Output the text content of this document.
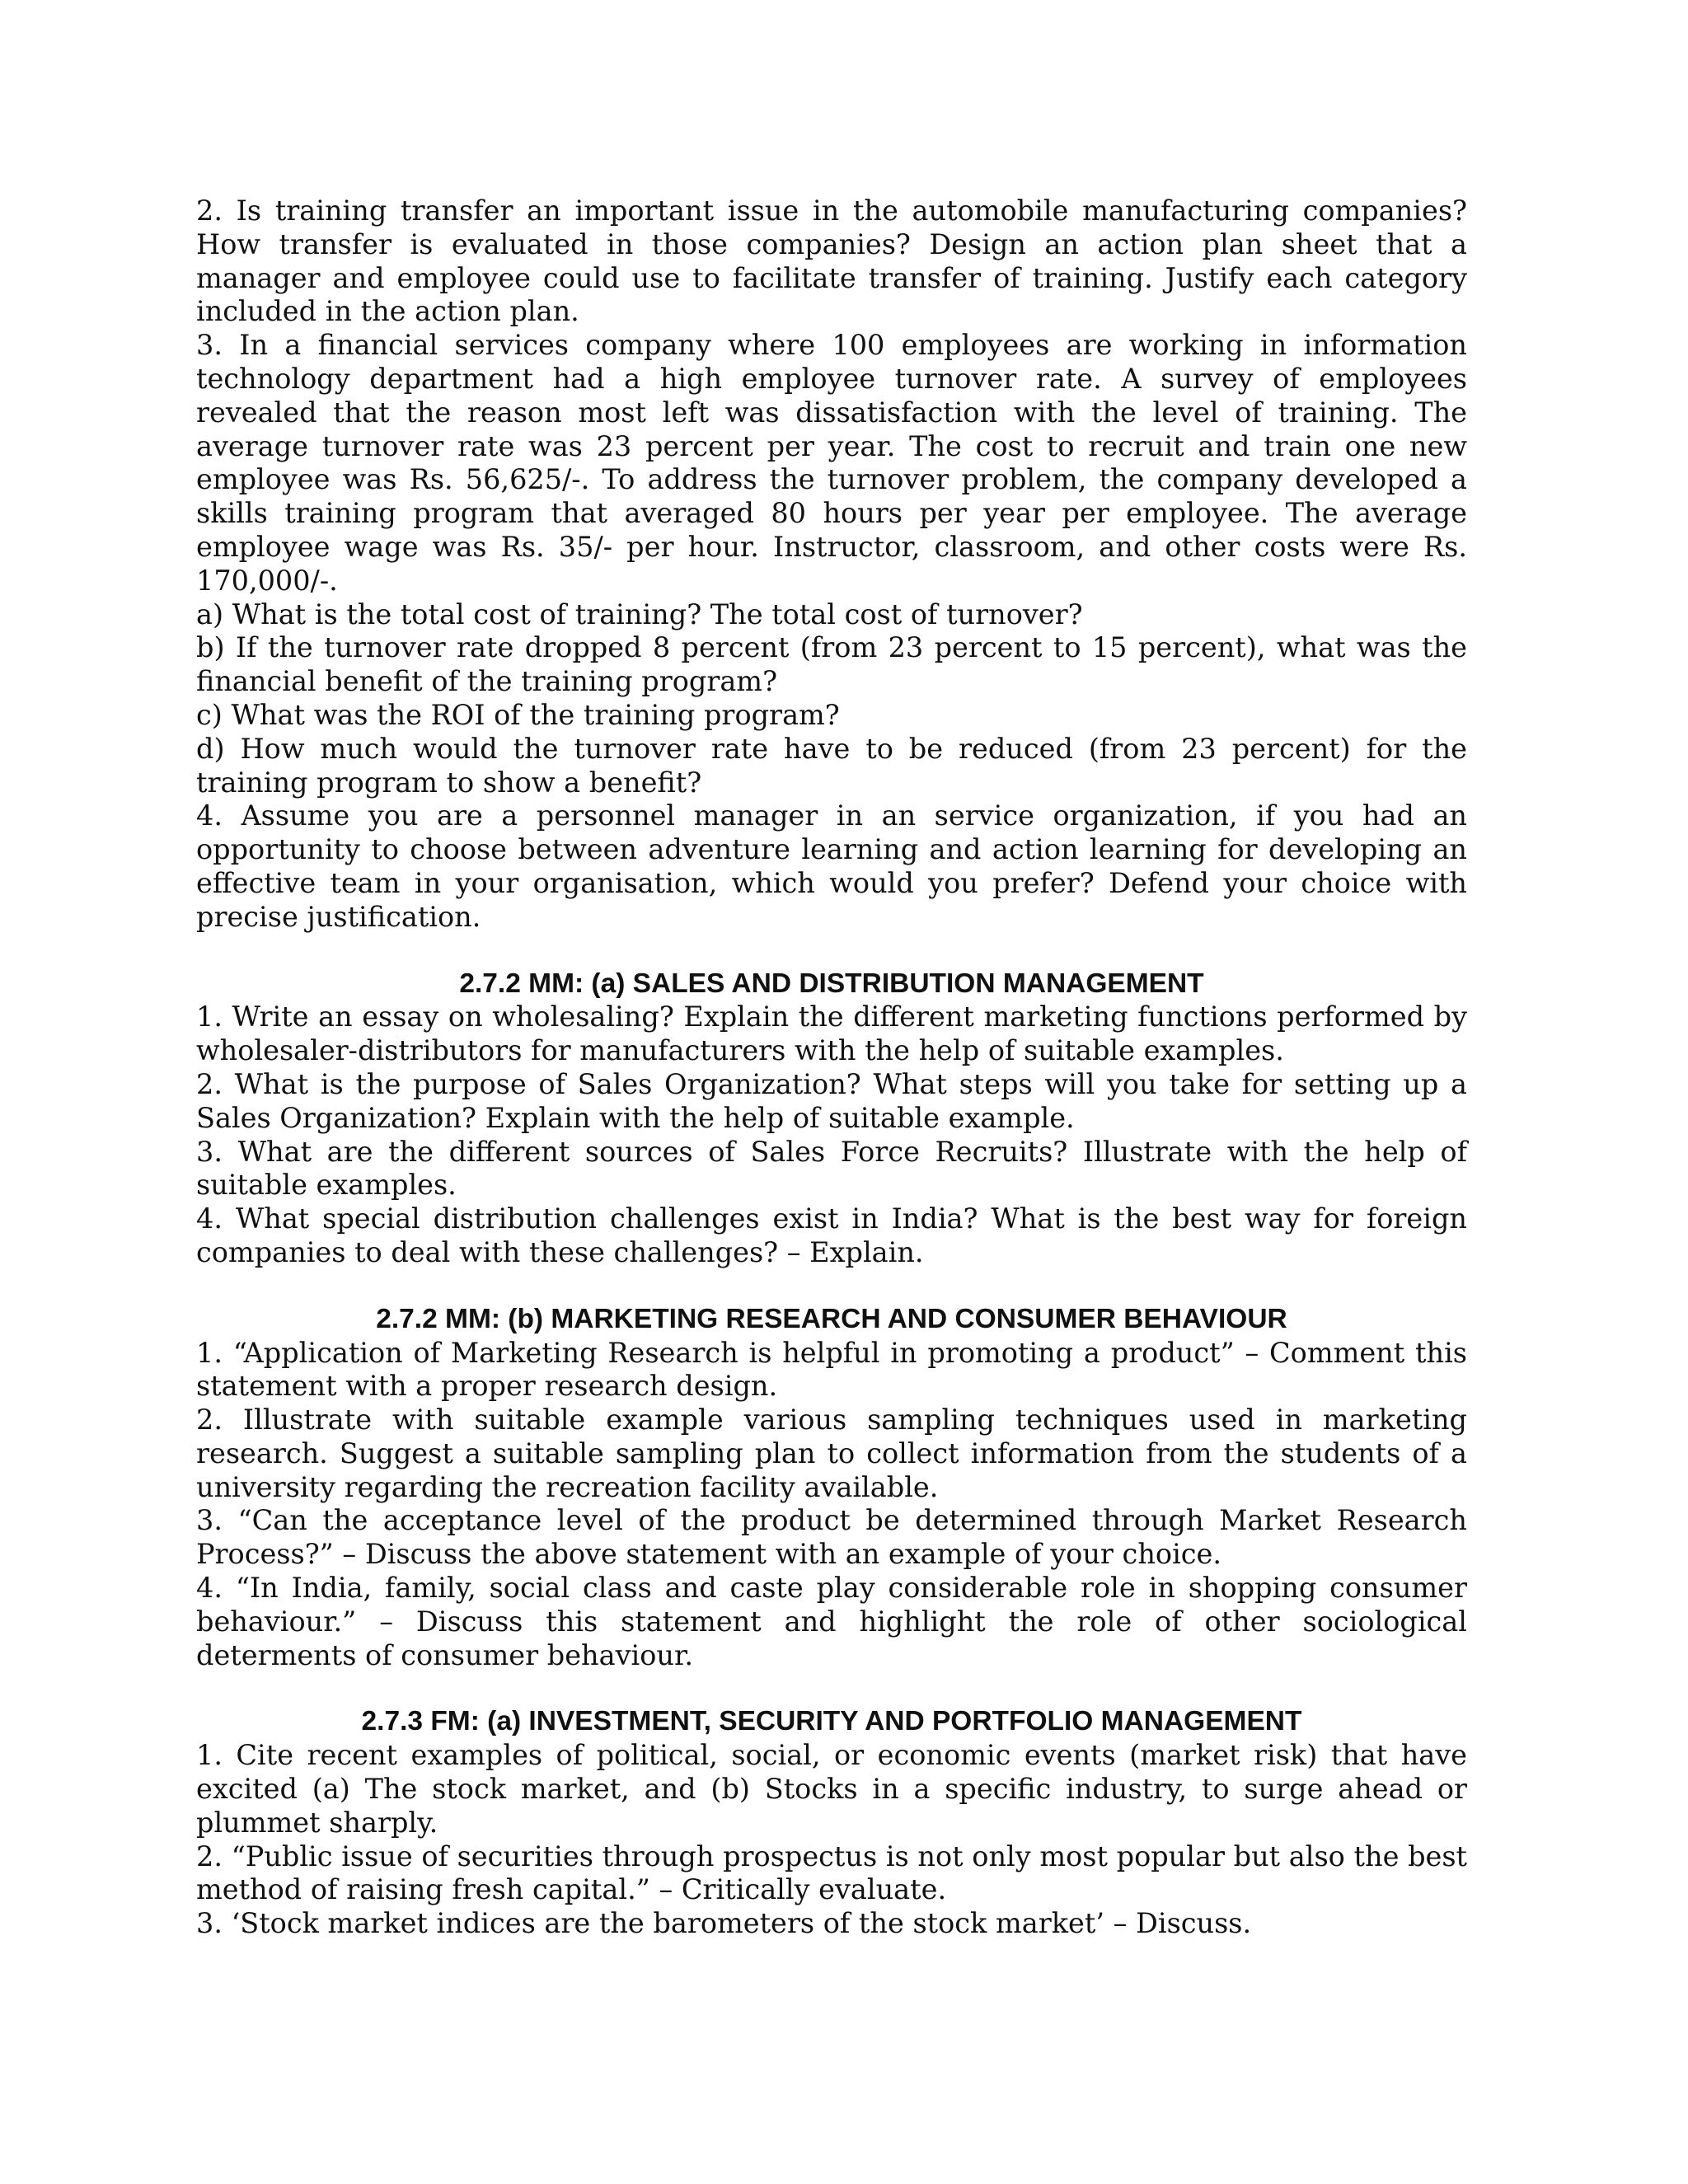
2. Is training transfer an important issue in the automobile manufacturing companies? How transfer is evaluated in those companies? Design an action plan sheet that a manager and employee could use to facilitate transfer of training. Justify each category included in the action plan.

3. In a financial services company where 100 employees are working in information technology department had a high employee turnover rate. A survey of employees revealed that the reason most left was dissatisfaction with the level of training. The average turnover rate was 23 percent per year. The cost to recruit and train one new employee was Rs. 56,625/-. To address the turnover problem, the company developed a skills training program that averaged 80 hours per year per employee. The average employee wage was Rs. 35/- per hour. Instructor, classroom, and other costs were Rs. 170,000/-.

a) What is the total cost of training? The total cost of turnover?

b) If the turnover rate dropped 8 percent (from 23 percent to 15 percent), what was the financial benefit of the training program?

c) What was the ROI of the training program?

d) How much would the turnover rate have to be reduced (from 23 percent) for the training program to show a benefit?

4. Assume you are a personnel manager in an service organization, if you had an opportunity to choose between adventure learning and action learning for developing an effective team in your organisation, which would you prefer? Defend your choice with precise justification.

2.7.2 MM: (a) SALES AND DISTRIBUTION MANAGEMENT

1. Write an essay on wholesaling? Explain the different marketing functions performed by wholesaler-distributors for manufacturers with the help of suitable examples.

2. What is the purpose of Sales Organization? What steps will you take for setting up a Sales Organization? Explain with the help of suitable example.

3. What are the different sources of Sales Force Recruits? Illustrate with the help of suitable examples.

4. What special distribution challenges exist in India? What is the best way for foreign companies to deal with these challenges? – Explain.

2.7.2 MM: (b) MARKETING RESEARCH AND CONSUMER BEHAVIOUR

1. “Application of Marketing Research is helpful in promoting a product” – Comment this statement with a proper research design.

2. Illustrate with suitable example various sampling techniques used in marketing research. Suggest a suitable sampling plan to collect information from the students of a university regarding the recreation facility available.

3. “Can the acceptance level of the product be determined through Market Research Process?” – Discuss the above statement with an example of your choice.

4. “In India, family, social class and caste play considerable role in shopping consumer behaviour.” – Discuss this statement and highlight the role of other sociological determents of consumer behaviour.

2.7.3 FM: (a) INVESTMENT, SECURITY AND PORTFOLIO MANAGEMENT

1. Cite recent examples of political, social, or economic events (market risk) that have excited (a) The stock market, and (b) Stocks in a specific industry, to surge ahead or plummet sharply.

2. “Public issue of securities through prospectus is not only most popular but also the best method of raising fresh capital.” – Critically evaluate.

3. ‘Stock market indices are the barometers of the stock market’ – Discuss.
